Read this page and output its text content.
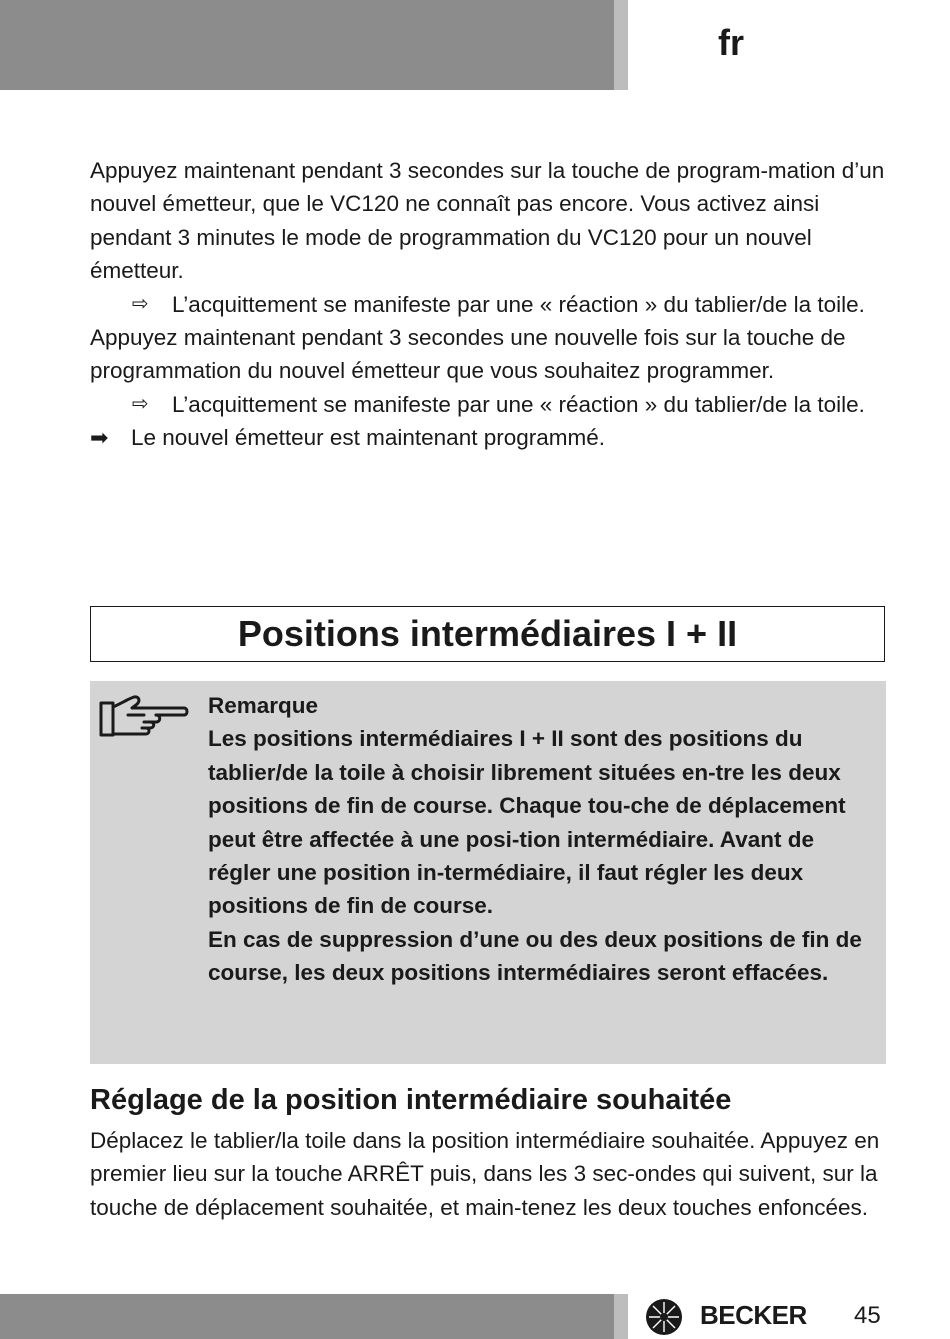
fr

Appuyez maintenant pendant 3 secondes sur la touche de program-mation d’un nouvel émetteur, que le VC120 ne connaît pas encore. Vous activez ainsi pendant 3 minutes le mode de programmation du VC120 pour un nouvel émetteur.

⇨ L’acquittement se manifeste par une « réaction » du tablier/de la toile.

Appuyez maintenant pendant 3 secondes une nouvelle fois sur la touche de programmation du nouvel émetteur que vous souhaitez programmer.

⇨ L’acquittement se manifeste par une « réaction » du tablier/de la toile.
➡ Le nouvel émetteur est maintenant programmé.
Positions intermédiaires I + II

Remarque

Les positions intermédiaires I + II sont des positions du tablier/de la toile à choisir librement situées en-tre les deux positions de fin de course. Chaque tou-che de déplacement peut être affectée à une posi-tion intermédiaire. Avant de régler une position in-termédiaire, il faut régler les deux positions de fin de course.

En cas de suppression d’une ou des deux positions de fin de course, les deux positions intermédiaires seront effacées.

Réglage de la position intermédiaire souhaitée

Déplacez le tablier/la toile dans la position intermédiaire souhaitée. Appuyez en premier lieu sur la touche ARRÊT puis, dans les 3 sec-ondes qui suivent, sur la touche de déplacement souhaitée, et main-tenez les deux touches enfoncées.

BECKER 45
